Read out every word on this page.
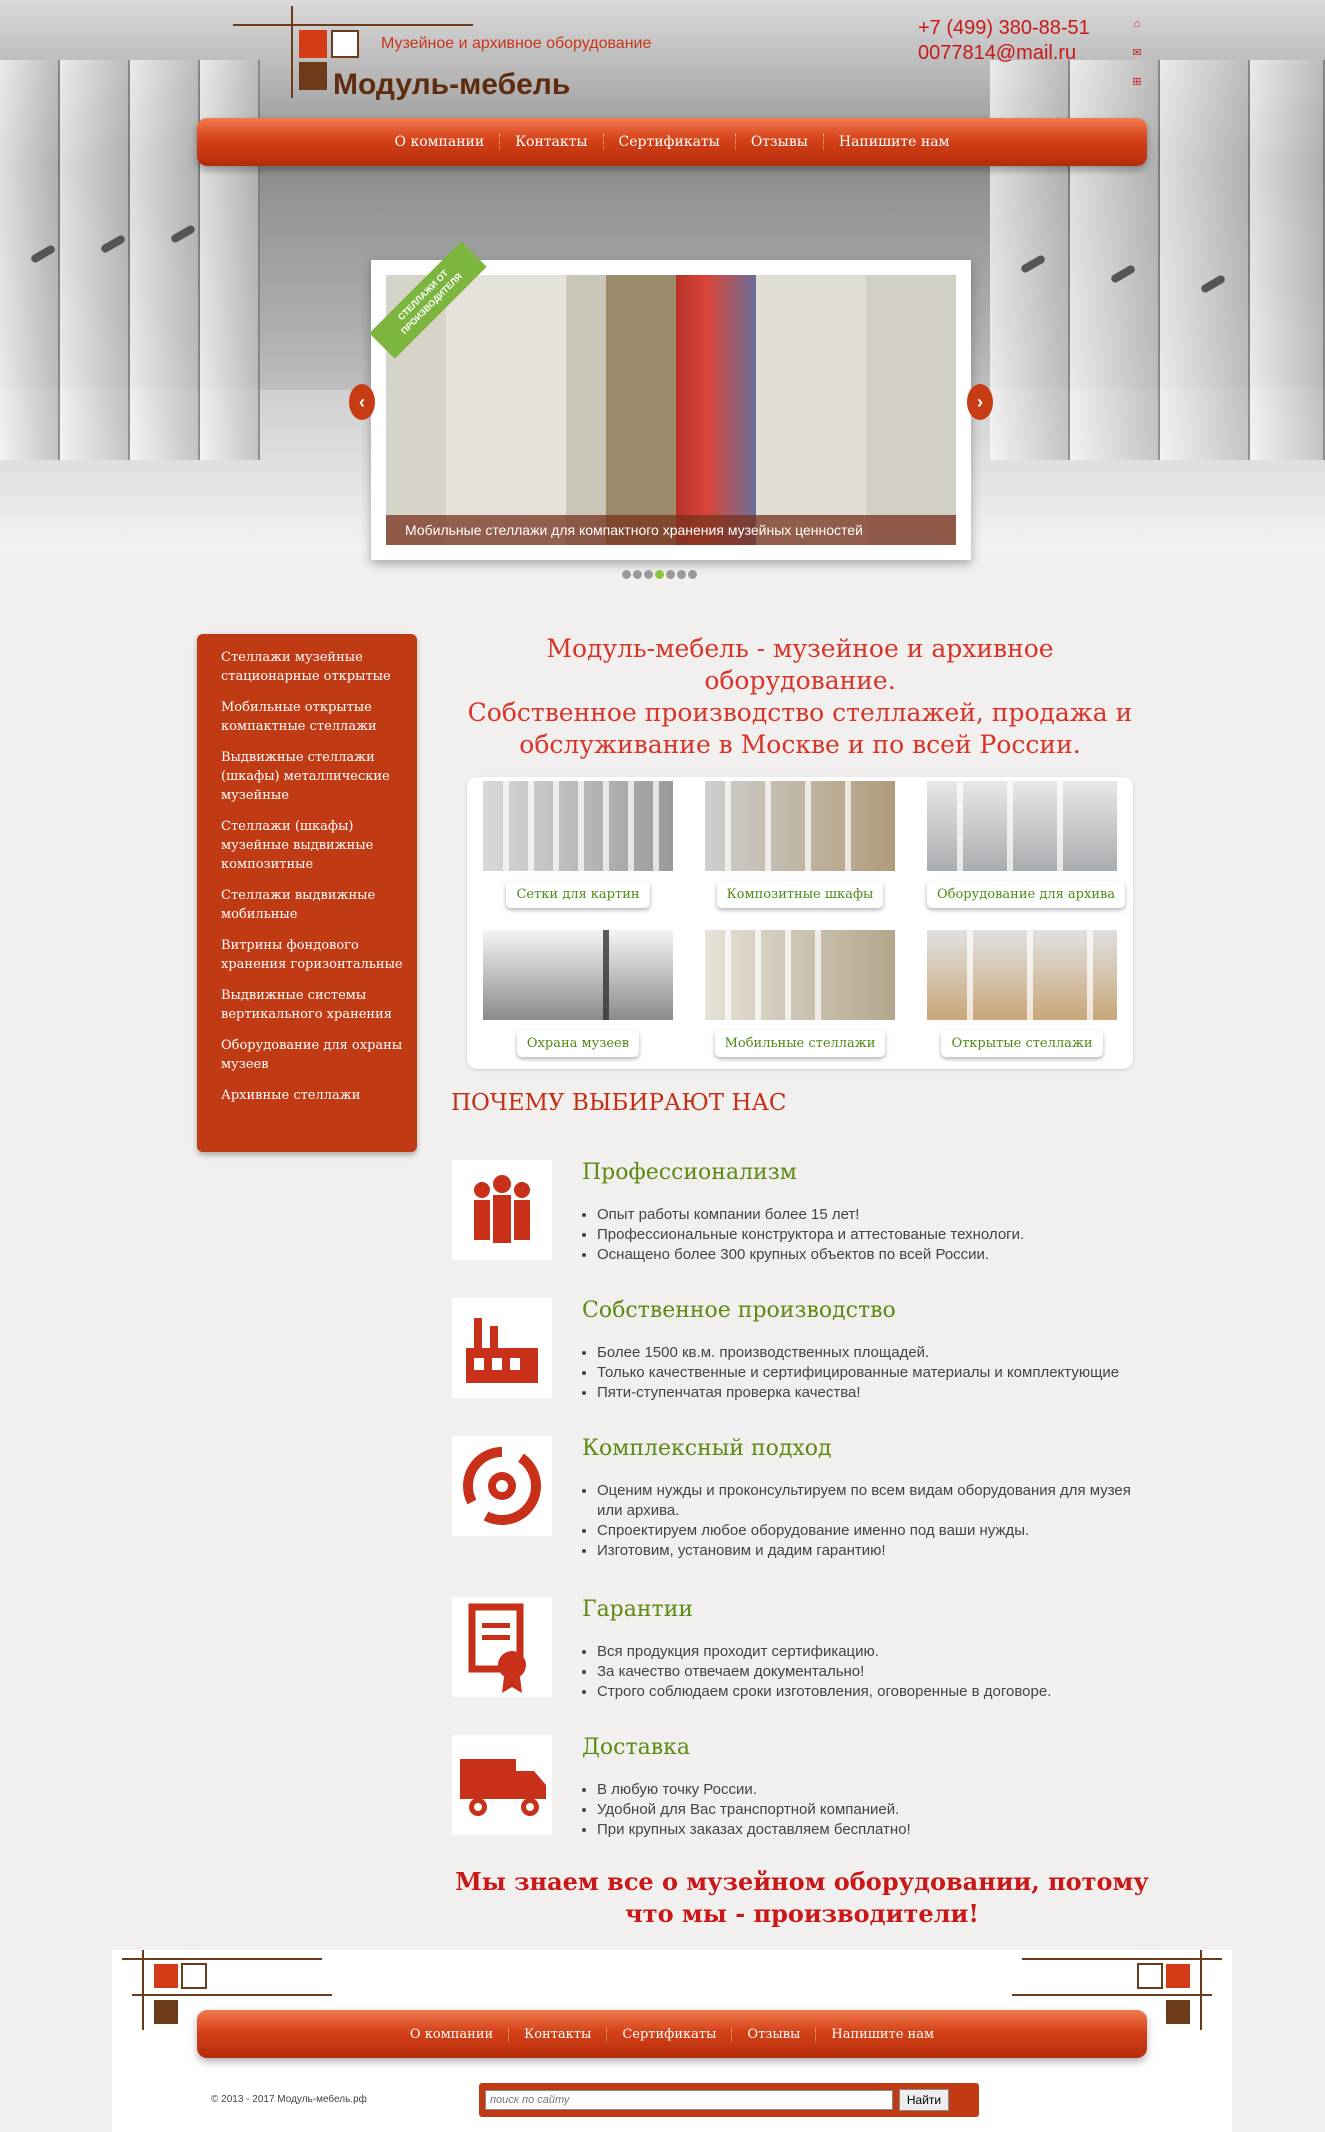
Музейное и архивное оборудование
Модуль-мебель
+7 (499) 380-88-51
0077814@mail.ru
⌂
✉
⊞
О компании	Контакты	Сертификаты	Отзывы	Напишите нам
Мобильные стеллажи для компактного хранения музейных ценностей
СТЕЛЛАЖИ ОТ ПРОИЗВОДИТЕЛЯ
‹	›
Стеллажи музейные стационарные открытые
Мобильные открытые компактные стеллажи
Выдвижные стеллажи (шкафы) металлические музейные
Стеллажи (шкафы) музейные выдвижные композитные
Стеллажи выдвижные мобильные
Витрины фондового хранения горизонтальные
Выдвижные системы вертикального хранения
Оборудование для охраны музеев
Архивные стеллажи
Модуль-мебель - музейное и архивное оборудование.
Собственное производство стеллажей, продажа и обслуживание в Москве и по всей России.
Сетки для картин	Композитные шкафы	Оборудование для архива
Охрана музеев	Мобильные стеллажи	Открытые стеллажи
ПОЧЕМУ ВЫБИРАЮТ НАС
Профессионализм
• Опыт работы компании более 15 лет!
• Профессиональные конструктора и аттестованые технологи.
• Оснащено более 300 крупных объектов по всей России.
Собственное производство
• Более 1500 кв.м. производственных площадей.
• Только качественные и сертифицированные материалы и комплектующие
• Пяти-ступенчатая проверка качества!
Комплексный подход
• Оценим нужды и проконсультируем по всем видам оборудования для музея или архива.
• Спроектируем любое оборудование именно под ваши нужды.
• Изготовим, установим и дадим гарантию!
Гарантии
• Вся продукция проходит сертификацию.
• За качество отвечаем документально!
• Строго соблюдаем сроки изготовления, оговоренные в договоре.
Доставка
• В любую точку России.
• Удобной для Вас транспортной компанией.
• При крупных заказах доставляем бесплатно!
Мы знаем все о музейном оборудовании, потому что мы - производители!
О компании	Контакты	Сертификаты	Отзывы	Напишите нам
© 2013 - 2017 Модуль-мебель.рф
поиск по сайту	Найти
